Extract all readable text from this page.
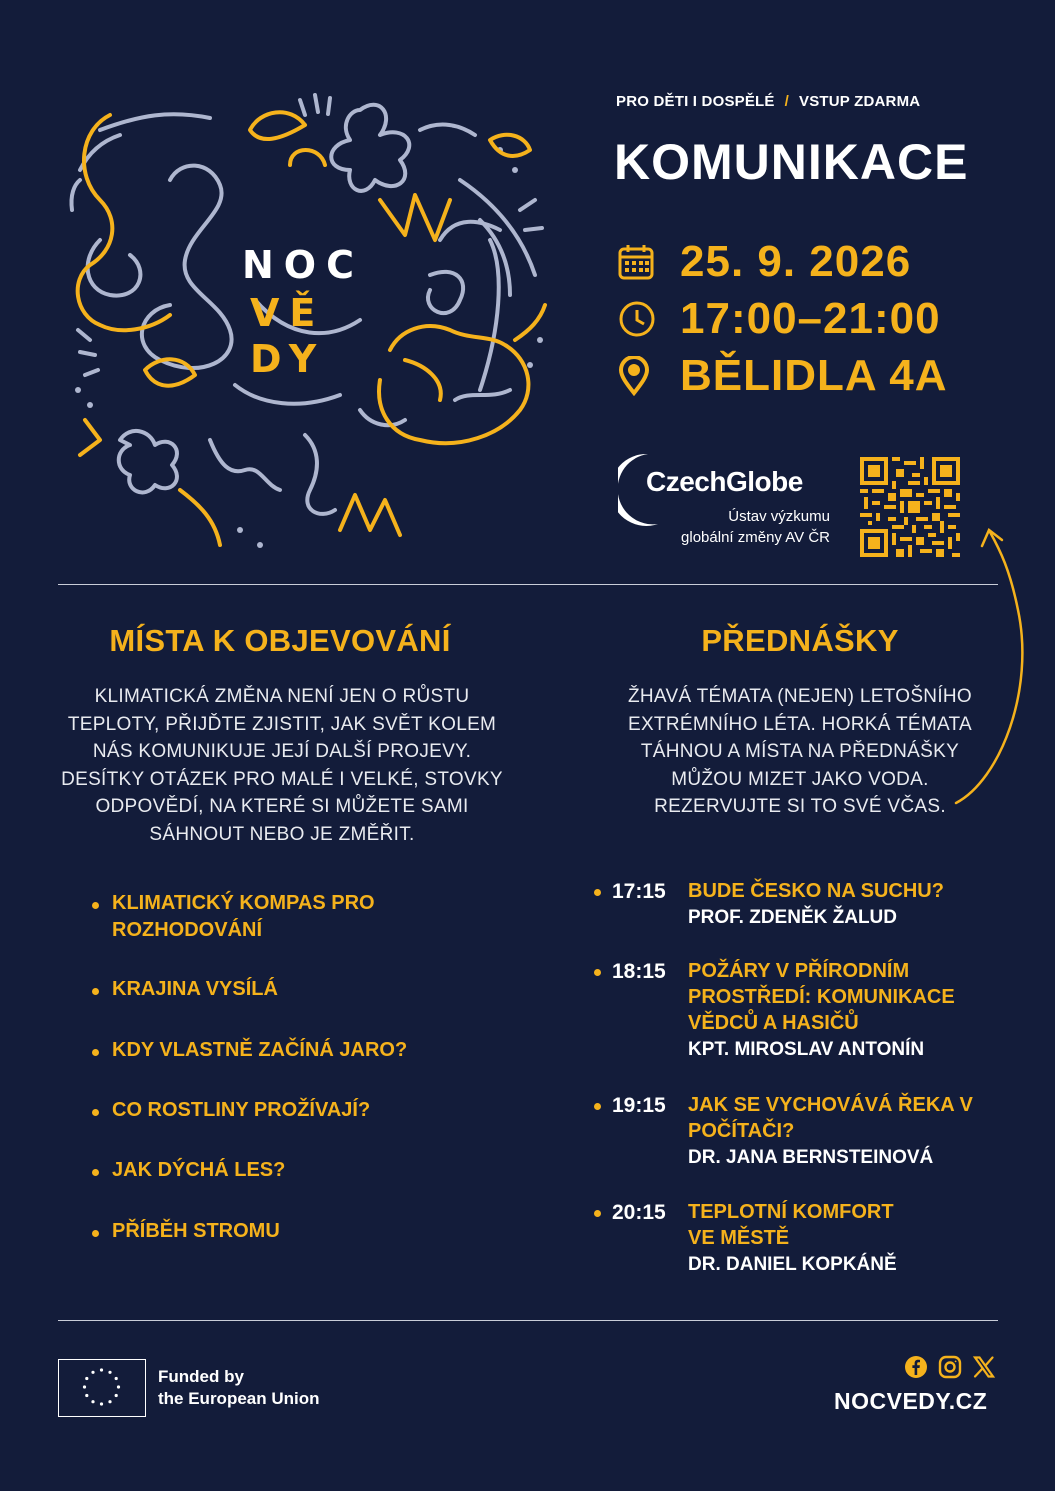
NOC
VĚ
DY
PRO DĚTI I DOSPĚLÉ / VSTUP ZDARMA
KOMUNIKACE
25. 9. 2026
17:00–21:00
BĚLIDLA 4A
CzechGlobe
Ústav výzkumu
globální změny AV ČR
MÍSTA K OBJEVOVÁNÍ
KLIMATICKÁ ZMĚNA NENÍ JEN O RŮSTU
TEPLOTY, PŘIJĎTE ZJISTIT, JAK SVĚT KOLEM
NÁS KOMUNIKUJE JEJÍ DALŠÍ PROJEVY.
DESÍTKY OTÁZEK PRO MALÉ I VELKÉ, STOVKY
ODPOVĚDÍ, NA KTERÉ SI MŮŽETE SAMI
SÁHNOUT NEBO JE ZMĚŘIT.
KLIMATICKÝ KOMPAS PRO
ROZHODOVÁNÍ
KRAJINA VYSÍLÁ
KDY VLASTNĚ ZAČÍNÁ JARO?
CO ROSTLINY PROŽÍVAJÍ?
JAK DÝCHÁ LES?
PŘÍBĚH STROMU
PŘEDNÁŠKY
ŽHAVÁ TÉMATA (NEJEN) LETOŠNÍHO
EXTRÉMNÍHO LÉTA. HORKÁ TÉMATA
TÁHNOU A MÍSTA NA PŘEDNÁŠKY
MŮŽOU MIZET JAKO VODA.
REZERVUJTE SI TO SVÉ VČAS.
17:15	BUDE ČESKO NA SUCHU?
PROF. ZDENĚK ŽALUD
18:15	POŽÁRY V PŘÍRODNÍM
PROSTŘEDÍ: KOMUNIKACE
VĚDCŮ A HASIČŮ
KPT. MIROSLAV ANTONÍN
19:15	JAK SE VYCHOVÁVÁ ŘEKA V
POČÍTAČI?
DR. JANA BERNSTEINOVÁ
20:15	TEPLOTNÍ KOMFORT
VE MĚSTĚ
DR. DANIEL KOPKÁNĚ
Funded by
the European Union	NOCVEDY.CZ
